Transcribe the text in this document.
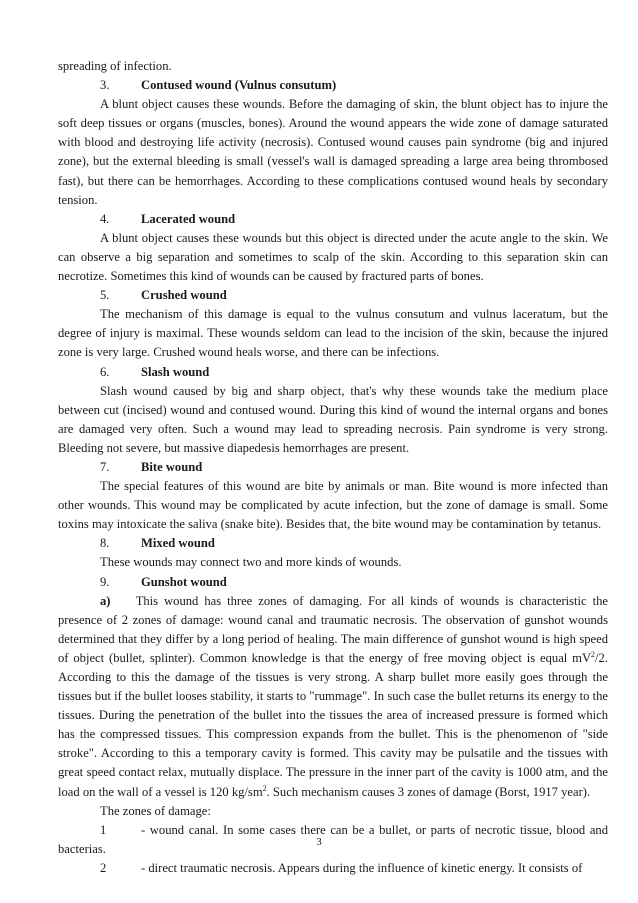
spreading of infection.

3.	Contused wound (Vulnus consutum)

A blunt object causes these wounds. Before the damaging of skin, the blunt object has to injure the soft deep tissues or organs (muscles, bones). Around the wound appears the wide zone of damage saturated with blood and destroying life activity (necrosis). Contused wound causes pain syndrome (big and injured zone), but the external bleeding is small (vessel's wall is damaged spreading a large area being thrombosed fast), but there can be hemorrhages. According to these complications contused wound heals by secondary tension.

4.	Lacerated wound

A blunt object causes these wounds but this object is directed under the acute angle to the skin. We can observe a big separation and sometimes to scalp of the skin. According to this separation skin can necrotize. Sometimes this kind of wounds can be caused by fractured parts of bones.

5.	Crushed wound

The mechanism of this damage is equal to the vulnus consutum and vulnus laceratum, but the degree of injury is maximal. These wounds seldom can lead to the incision of the skin, because the injured zone is very large. Crushed wound heals worse, and there can be infections.

6.	Slash wound

Slash wound caused by big and sharp object, that's why these wounds take the medium place between cut (incised) wound and contused wound. During this kind of wound the internal organs and bones are damaged very often. Such a wound may lead to spreading necrosis. Pain syndrome is very strong. Bleeding not severe, but massive diapedesis hemorrhages are present.

7.	Bite wound

The special features of this wound are bite by animals or man. Bite wound is more infected than other wounds. This wound may be complicated by acute infection, but the zone of damage is small. Some toxins may intoxicate the saliva (snake bite). Besides that, the bite wound may be contamination by tetanus.

8.	Mixed wound

These wounds may connect two and more kinds of wounds.

9.	Gunshot wound

a)   This wound has three zones of damaging. For all kinds of wounds is characteristic the presence of 2 zones of damage: wound canal and traumatic necrosis. The observation of gunshot wounds determined that they differ by a long period of healing. The main difference of gunshot wound is high speed of object (bullet, splinter). Common knowledge is that the energy of free moving object is equal $mV^2/2$. According to this the damage of the tissues is very strong. A sharp bullet more easily goes through the tissues but if the bullet looses stability, it starts to "rummage". In such case the bullet returns its energy to the tissues. During the penetration of the bullet into the tissues the area of increased pressure is formed which has the compressed tissues. This compression expands from the bullet. This is the phenomenon of "side stroke". According to this a temporary cavity is formed. This cavity may be pulsatile and the tissues with great speed contact relax, mutually displace. The pressure in the inner part of the cavity is 1000 atm, and the load on the wall of a vessel is 120 $kg/sm^2$. Such mechanism causes 3 zones of damage (Borst, 1917 year).

The zones of damage:

1	- wound canal. In some cases there can be a bullet, or parts of necrotic tissue, blood and bacterias.

2	- direct traumatic necrosis. Appears during the influence of kinetic energy. It consists of

3
